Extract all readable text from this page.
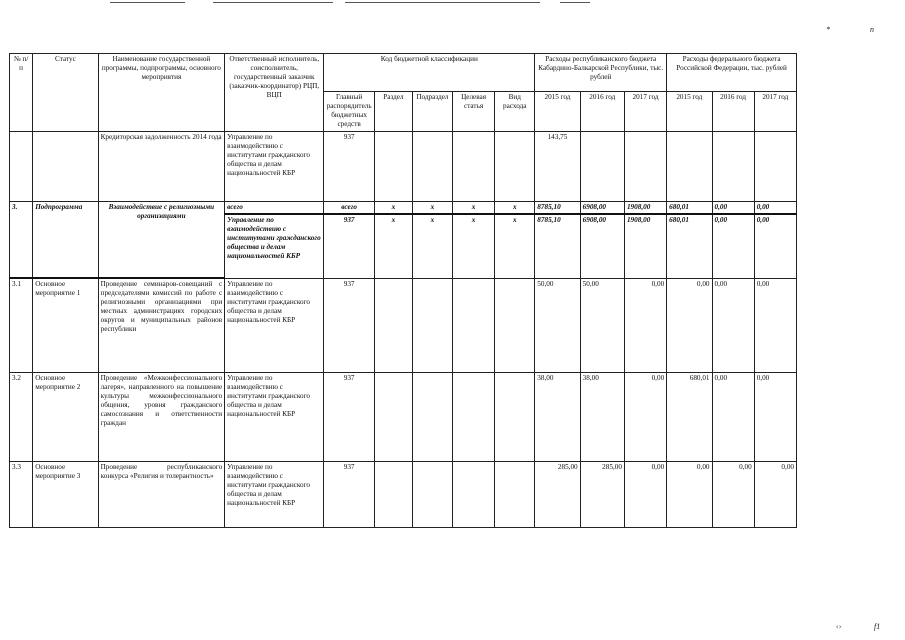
*	n
‹›	f1
№ п/п	Статус	Наименование государственной программы, подпрограммы, основного мероприятия	Ответственный исполнитель, соисполнитель, государственный заказчик (заказчик-координатор) РЦП, ВЦП	Код бюджетной классификации					Расходы республиканского бюджета Кабардино-Балкарской Республики, тыс. рублей			Расходы федерального бюджета Российской Федерации, тыс. рублей		
				Главный распорядитель бюджетных средств	Раздел	Подраздел	Целевая статья	Вид расхода	2015 год	2016 год	2017 год	2015 год	2016 год	2017 год
		Кредиторская задолженность 2014 года	Управление по взаимодействию с институтами гражданского общества и делам национальностей КБР	937					143,75					
3.	Подпрограмма	Взаимодействие с религиозными организациями	всего	всего	х	х	х	х	8785,10	6908,00	1908,00	680,01	0,00	0,00
			Управление по взаимодействию с институтами гражданского общества и делам национальностей КБР	937	х	х	х	х	8785,10	6908,00	1908,00	680,01	0,00	0,00
3.1	Основное мероприятие 1	Проведение семинаров-совещаний с председателями комиссий по работе с религиозными организациями при местных администрациях городских округов и муниципальных районов республики	Управление по взаимодействию с институтами гражданского общества и делам национальностей КБР	937					50,00	50,00	0,00	0,00	0,00	0,00
3.2	Основное мероприятие 2	Проведение «Межконфессионального лагеря», направленного на повышение культуры межконфессионального общения, уровня гражданского самосознания и ответственности граждан	Управление по взаимодействию с институтами гражданского общества и делам национальностей КБР	937					38,00	38,00	0,00	680,01	0,00	0,00
3.3	Основное мероприятие 3	Проведение республиканского конкурса «Религия и толерантность»	Управление по взаимодействию с институтами гражданского общества и делам национальностей КБР	937					285,00	285,00	0,00	0,00	0,00	0,00
